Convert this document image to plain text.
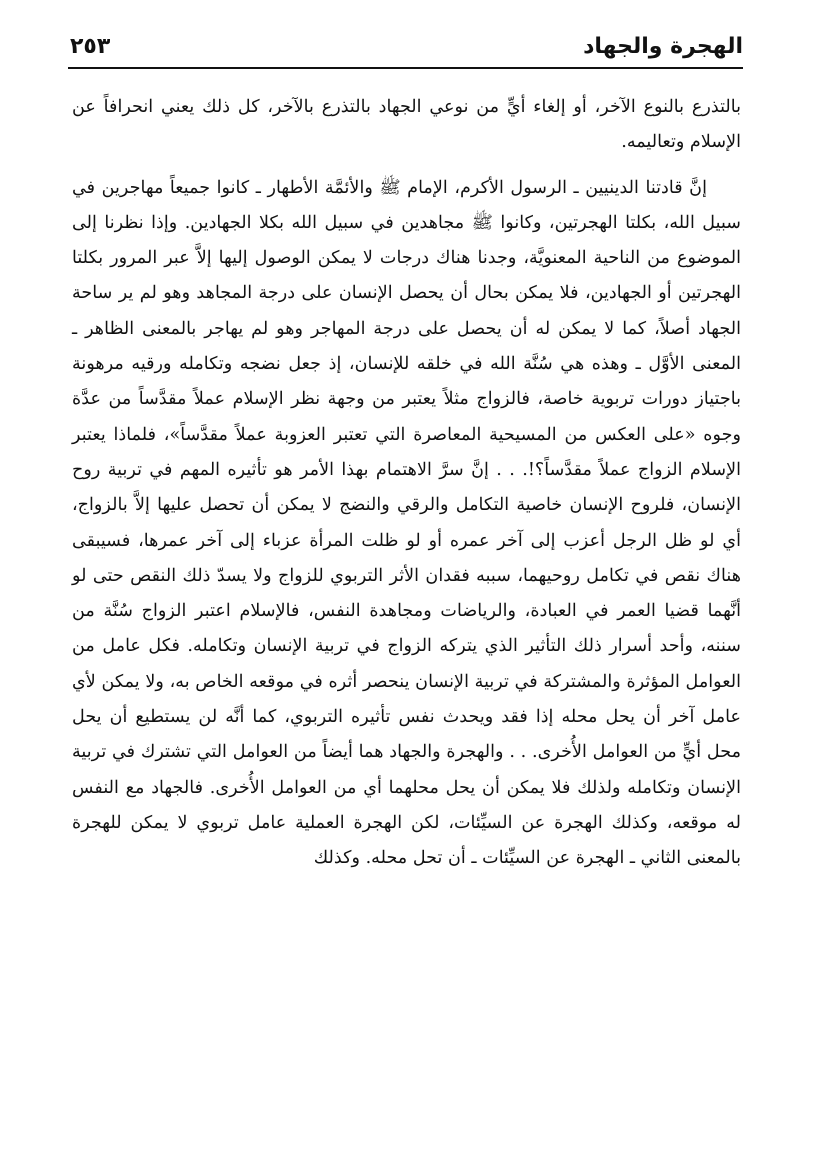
الهجرة والجهاد
٢٥٣

بالتذرع بالنوع الآخر، أو إلغاء أيٍّ من نوعي الجهاد بالتذرع بالآخر، كل ذلك يعني انحرافاً عن الإسلام وتعاليمه.

إنَّ قادتنا الدينيين ـ الرسول الأكرم، الإمام ﷺ والأئمَّة الأطهار ـ كانوا جميعاً مهاجرين في سبيل الله، بكلتا الهجرتين، وكانوا ﷺ مجاهدين في سبيل الله بكلا الجهادين. وإذا نظرنا إلى الموضوع من الناحية المعنويَّة، وجدنا هناك درجات لا يمكن الوصول إليها إلاَّ عبر المرور بكلتا الهجرتين أو الجهادين، فلا يمكن بحال أن يحصل الإنسان على درجة المجاهد وهو لم ير ساحة الجهاد أصلاً، كما لا يمكن له أن يحصل على درجة المهاجر وهو لم يهاجر بالمعنى الظاهر ـ المعنى الأوَّل ـ وهذه هي سُنَّة الله في خلقه للإنسان، إذ جعل نضجه وتكامله ورقيه مرهونة باجتياز دورات تربوية خاصة، فالزواج مثلاً يعتبر من وجهة نظر الإسلام عملاً مقدَّساً من عدَّة وجوه «على العكس من المسيحية المعاصرة التي تعتبر العزوبة عملاً مقدَّساً»، فلماذا يعتبر الإسلام الزواج عملاً مقدَّساً؟!. . . إنَّ سرَّ الاهتمام بهذا الأمر هو تأثيره المهم في تربية روح الإنسان، فلروح الإنسان خاصية التكامل والرقي والنضج لا يمكن أن تحصل عليها إلاَّ بالزواج، أي لو ظل الرجل أعزب إلى آخر عمره أو لو ظلت المرأة عزباء إلى آخر عمرها، فسيبقى هناك نقص في تكامل روحيهما، سببه فقدان الأثر التربوي للزواج ولا يسدّ ذلك النقص حتى لو أنَّهما قضيا العمر في العبادة، والرياضات ومجاهدة النفس، فالإسلام اعتبر الزواج سُنَّة من سننه، وأحد أسرار ذلك التأثير الذي يتركه الزواج في تربية الإنسان وتكامله. فكل عامل من العوامل المؤثرة والمشتركة في تربية الإنسان ينحصر أثره في موقعه الخاص به، ولا يمكن لأي عامل آخر أن يحل محله إذا فقد ويحدث نفس تأثيره التربوي، كما أنَّه لن يستطيع أن يحل محل أيٍّ من العوامل الأُخرى. . . والهجرة والجهاد هما أيضاً من العوامل التي تشترك في تربية الإنسان وتكامله ولذلك فلا يمكن أن يحل محلهما أي من العوامل الأُخرى. فالجهاد مع النفس له موقعه، وكذلك الهجرة عن السيِّئات، لكن الهجرة العملية عامل تربوي لا يمكن للهجرة بالمعنى الثاني ـ الهجرة عن السيِّئات ـ أن تحل محله. وكذلك
